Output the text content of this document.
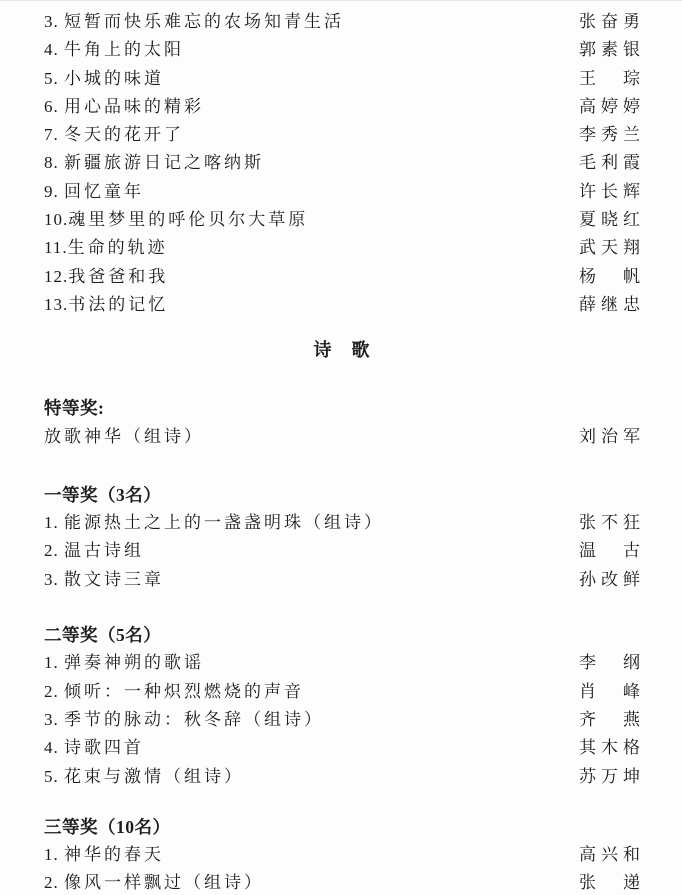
3. 短暂而快乐难忘的农场知青生活	张奋勇
4. 牛角上的太阳	郭素银
5. 小城的味道	王　琮
6. 用心品味的精彩	高婷婷
7. 冬天的花开了	李秀兰
8. 新疆旅游日记之喀纳斯	毛利霞
9. 回忆童年	许长辉
10. 魂里梦里的呼伦贝尔大草原	夏晓红
11. 生命的轨迹	武天翔
12. 我爸爸和我	杨　帆
13. 书法的记忆	薛继忠
诗　歌
特等奖:
放歌神华（组诗）	刘治军
一等奖（3名）
1. 能源热土之上的一盏盏明珠（组诗）	张不狂
2. 温古诗组	温　古
3. 散文诗三章	孙改鲜
二等奖（5名）
1. 弹奏神朔的歌谣	李　纲
2. 倾听：一种炽烈燃烧的声音	肖　峰
3. 季节的脉动：秋冬辞（组诗）	齐　燕
4. 诗歌四首	其木格
5. 花束与激情（组诗）	苏万坤
三等奖（10名）
1. 神华的春天	高兴和
2. 像风一样飘过（组诗）	张　递
